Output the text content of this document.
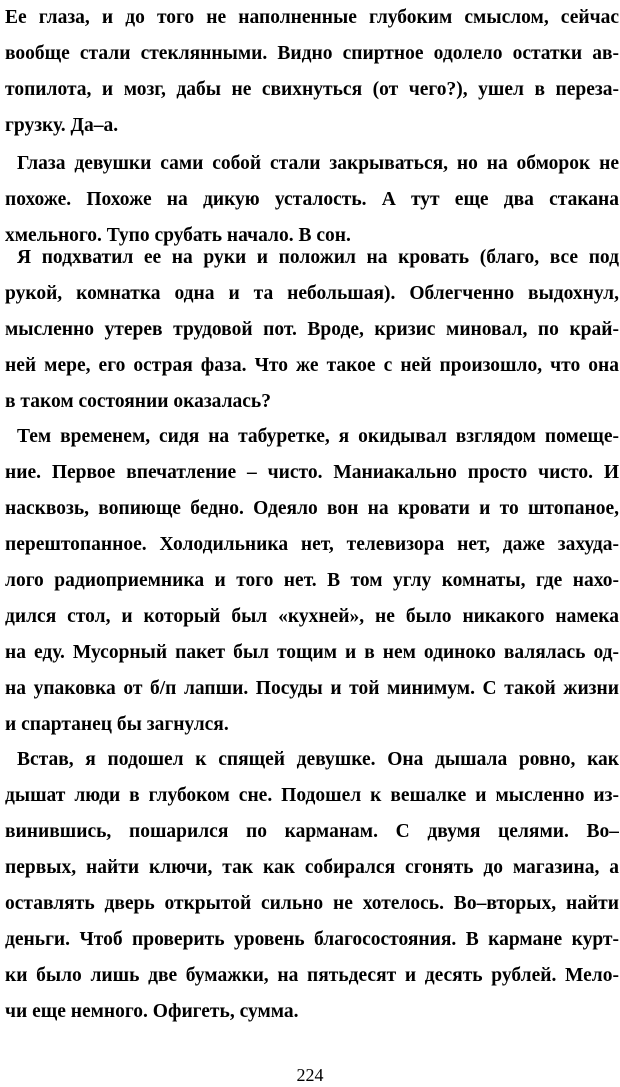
Ее глаза, и до того не наполненные глубоким смыслом, сейчас
вообще стали стеклянными. Видно спиртное одолело остатки ав-
топилота, и мозг, дабы не свихнуться (от чего?), ушел в переза-
грузку. Да–а.
Глаза девушки сами собой стали закрываться, но на обморок не
похоже. Похоже на дикую усталость. А тут еще два стакана
хмельного. Тупо срубать начало. В сон.
Я подхватил ее на руки и положил на кровать (благо, все под
рукой, комнатка одна и та небольшая). Облегченно выдохнул,
мысленно утерев трудовой пот. Вроде, кризис миновал, по край-
ней мере, его острая фаза. Что же такое с ней произошло, что она
в таком состоянии оказалась?
Тем временем, сидя на табуретке, я окидывал взглядом помеще-
ние. Первое впечатление – чисто. Маниакально просто чисто. И
насквозь, вопиюще бедно. Одеяло вон на кровати и то штопаное,
перештопанное. Холодильника нет, телевизора нет, даже захуда-
лого радиоприемника и того нет. В том углу комнаты, где нахо-
дился стол, и который был «кухней», не было никакого намека
на еду. Мусорный пакет был тощим и в нем одиноко валялась од-
на упаковка от б/п лапши. Посуды и той минимум. С такой жизни
и спартанец бы загнулся.
Встав, я подошел к спящей девушке. Она дышала ровно, как
дышат люди в глубоком сне. Подошел к вешалке и мысленно из-
винившись, пошарился по карманам. С двумя целями. Во–
первых, найти ключи, так как собирался сгонять до магазина, а
оставлять дверь открытой сильно не хотелось. Во–вторых, найти
деньги. Чтоб проверить уровень благосостояния. В кармане курт-
ки было лишь две бумажки, на пятьдесят и десять рублей. Мело-
чи еще немного. Офигеть, сумма.
224
